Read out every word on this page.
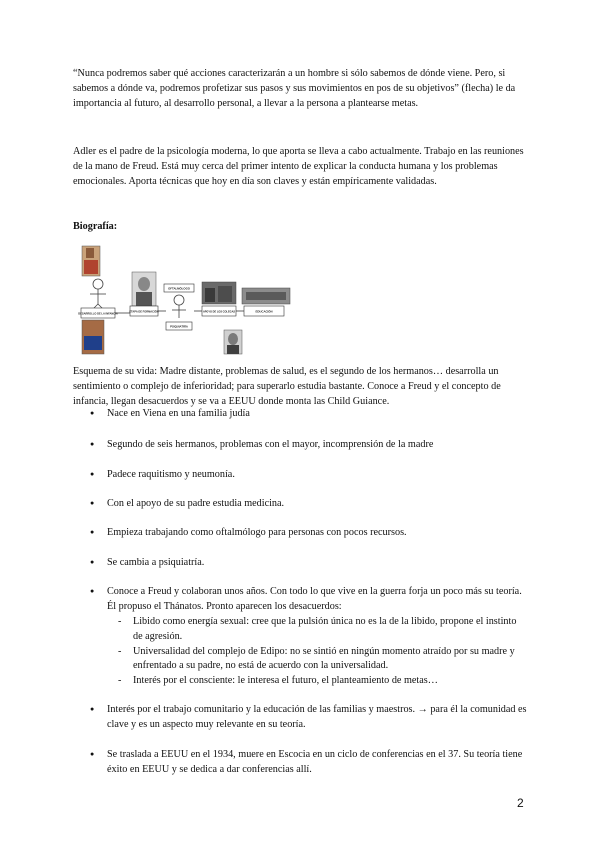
“Nunca podremos saber qué acciones caracterizarán a un hombre si sólo sabemos de dónde viene. Pero, si sabemos a dónde va, podremos profetizar sus pasos y sus movimientos en pos de su objetivos” (flecha) le da importancia al futuro, al desarrollo personal, a llevar a la persona a plantearse metas.

Adler es el padre de la psicología moderna, lo que aporta se lleva a cabo actualmente. Trabajo en las reuniones de la mano de Freud. Está muy cerca del primer intento de explicar la conducta humana y los problemas emocionales. Aporta técnicas que hoy en día son claves y están empíricamente validadas.

Biografía:

DESARROLLO DE LA INFANCIA
ETAPA DE FORMACIÓN
OFTALMÓLOGO
PSIQUIATRÍA
APOYO DE LOS COLEGAS	EDUCACIÓN

Esquema de su vida: Madre distante, problemas de salud, es el segundo de los hermanos… desarrolla un sentimiento o complejo de inferioridad; para superarlo estudia bastante. Conoce a Freud y el concepto de infancia, llegan desacuerdos y se va a EEUU donde monta las Child Guiance.

● Nace en Viena en una familia judía
● Segundo de seis hermanos, problemas con el mayor, incomprensión de la madre
● Padece raquitismo y neumonía.
● Con el apoyo de su padre estudia medicina.
● Empieza trabajando como oftalmólogo para personas con pocos recursos.
● Se cambia a psiquiatría.
● Conoce a Freud y colaboran unos años. Con todo lo que vive en la guerra forja un poco más su teoría. Él propuso el Thánatos. Pronto aparecen los desacuerdos:
- Libido como energía sexual: cree que la pulsión única no es la de la libido, propone el instinto de agresión.
- Universalidad del complejo de Edipo: no se sintió en ningún momento atraído por su madre y enfrentado a su padre, no está de acuerdo con la universalidad.
- Interés por el consciente: le interesa el futuro, el planteamiento de metas…
● Interés por el trabajo comunitario y la educación de las familias y maestros. → para él la comunidad es clave y es un aspecto muy relevante en su teoría.
● Se traslada a EEUU en el 1934, muere en Escocia en un ciclo de conferencias en el 37. Su teoría tiene éxito en EEUU y se dedica a dar conferencias allí.
2
